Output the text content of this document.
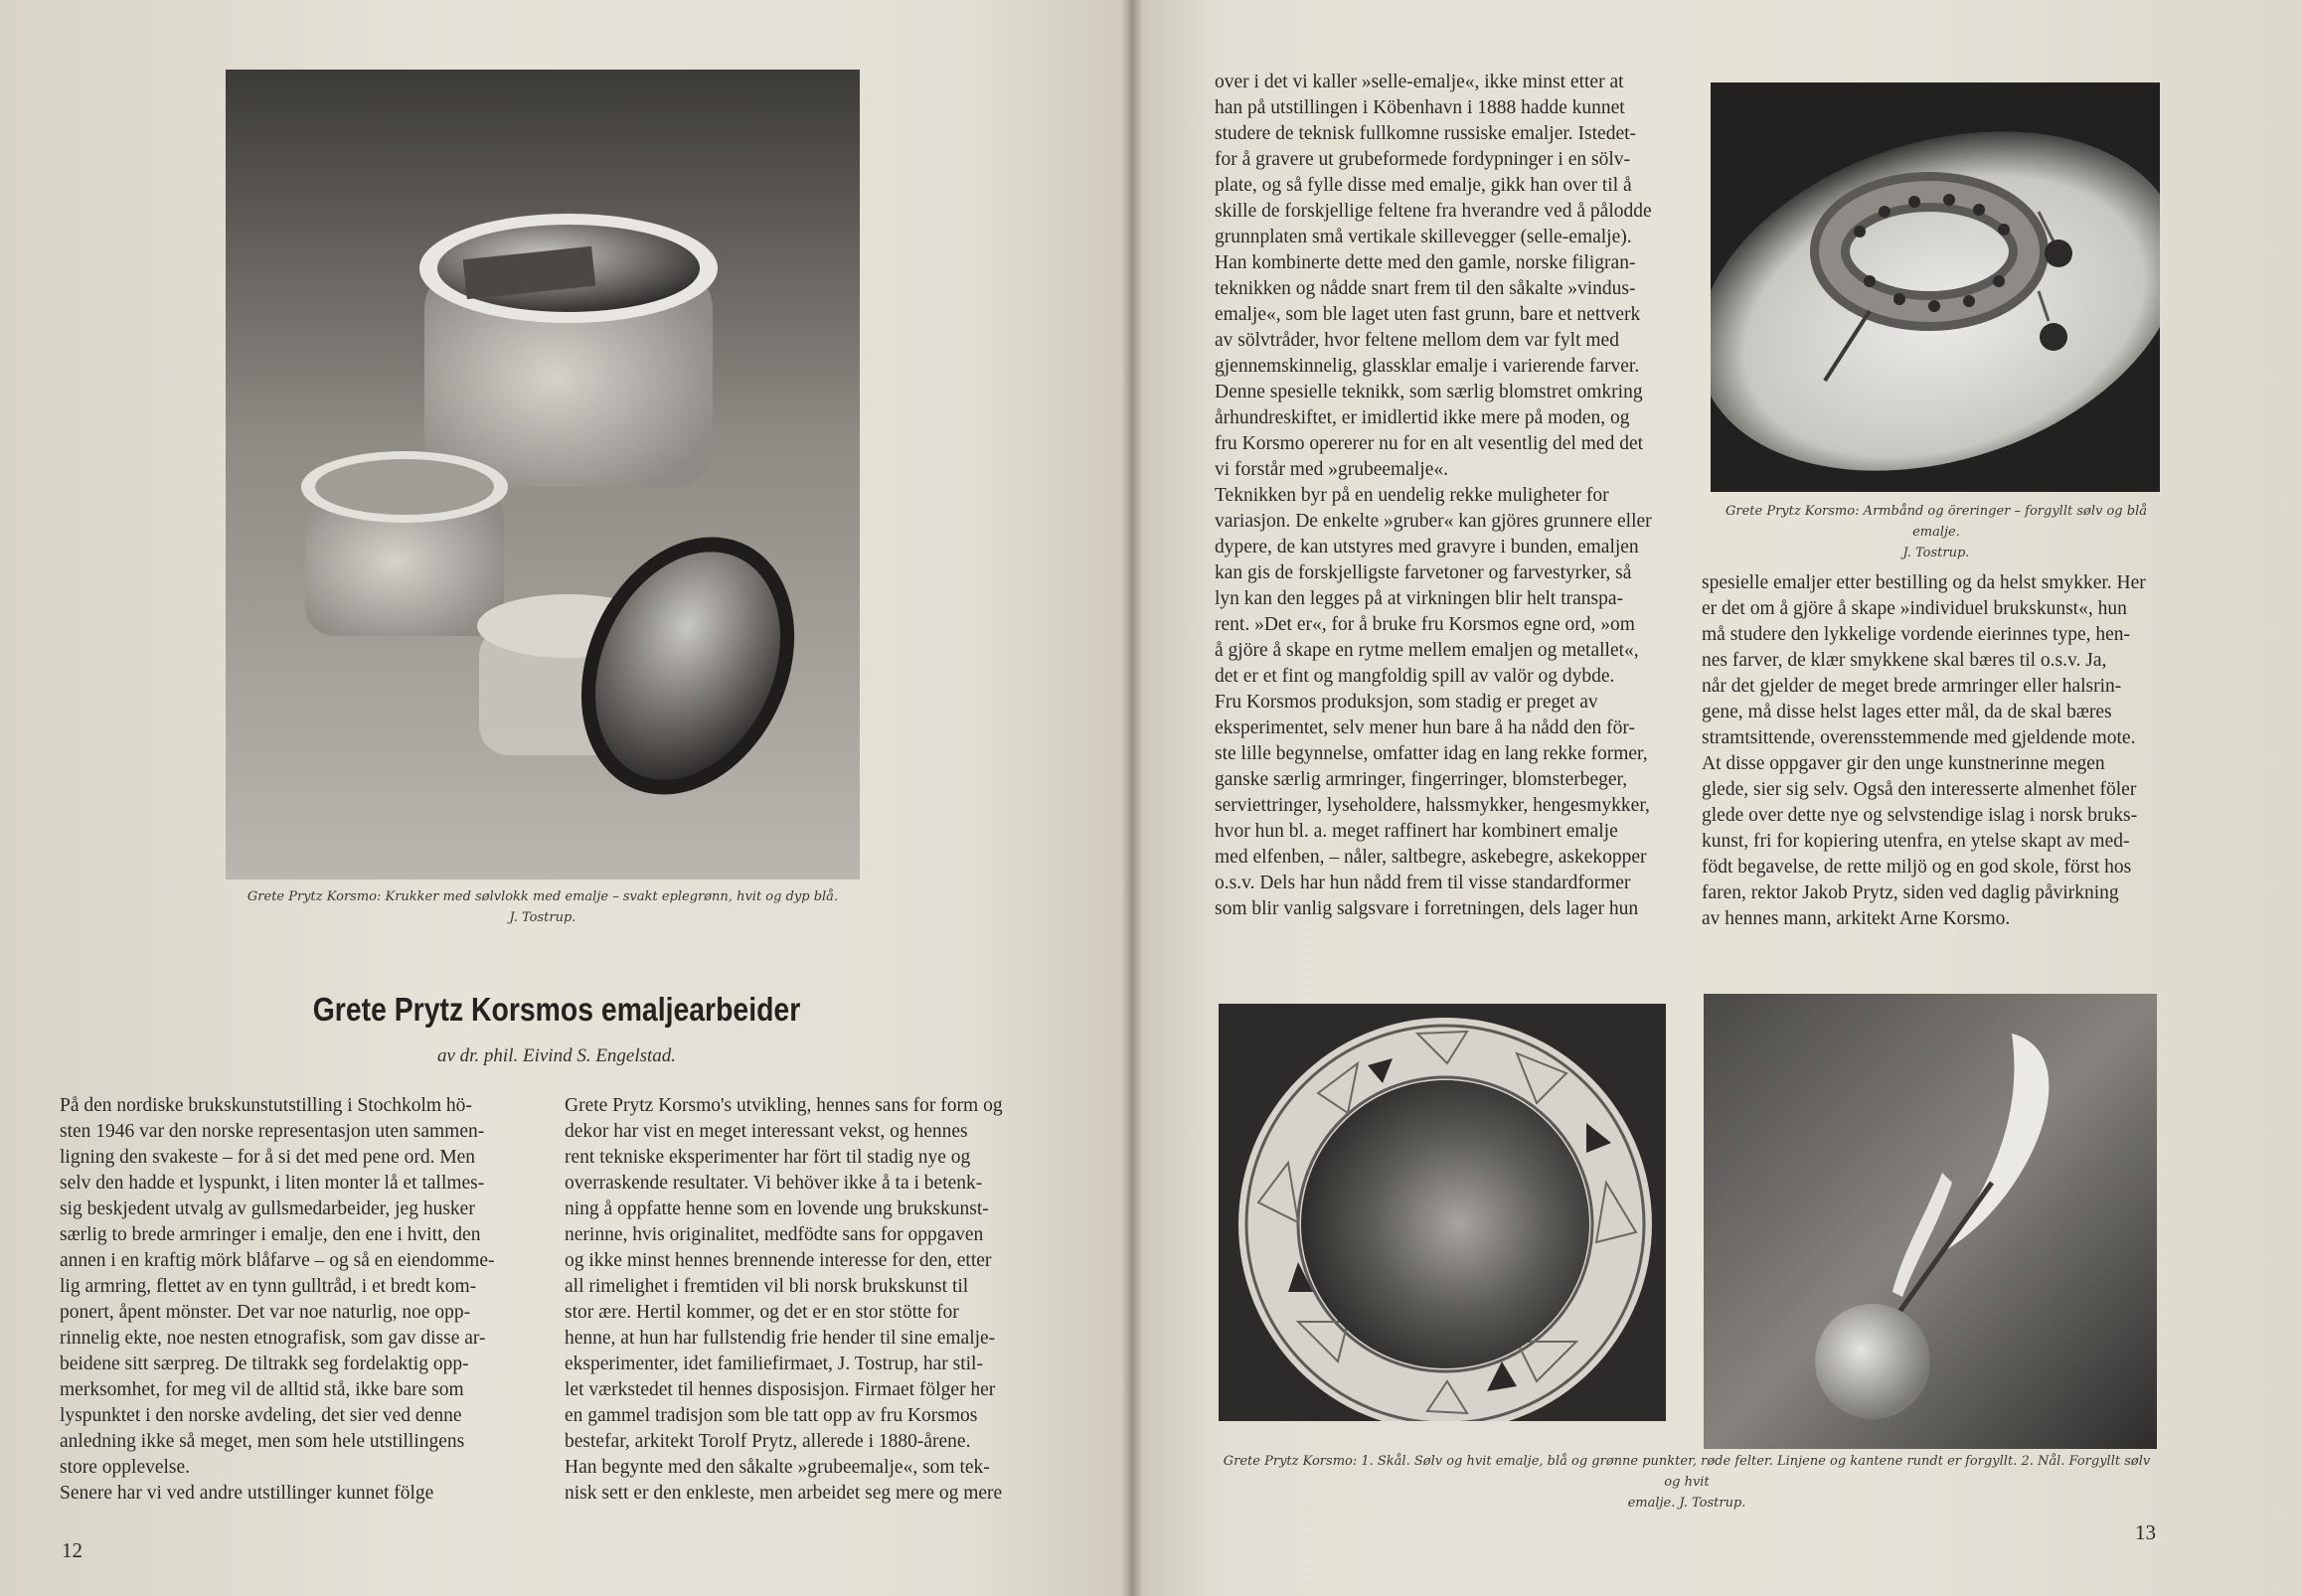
Grete Prytz Korsmo: Krukker med sølvlokk med emalje – svakt eplegrønn, hvit og dyp blå.
J. Tostrup.
Grete Prytz Korsmos emaljearbeider
av dr. phil. Eivind S. Engelstad.
På den nordiske brukskunstutstilling i Stochkolm hö-
sten 1946 var den norske representasjon uten sammen-
ligning den svakeste – for å si det med pene ord. Men
selv den hadde et lyspunkt, i liten monter lå et tallmes-
sig beskjedent utvalg av gullsmedarbeider, jeg husker
særlig to brede armringer i emalje, den ene i hvitt, den
annen i en kraftig mörk blåfarve – og så en eiendomme-
lig armring, flettet av en tynn gulltråd, i et bredt kom-
ponert, åpent mönster. Det var noe naturlig, noe opp-
rinnelig ekte, noe nesten etnografisk, som gav disse ar-
beidene sitt særpreg. De tiltrakk seg fordelaktig opp-
merksomhet, for meg vil de alltid stå, ikke bare som
lyspunktet i den norske avdeling, det sier ved denne
anledning ikke så meget, men som hele utstillingens
store opplevelse.
Senere har vi ved andre utstillinger kunnet fölge
Grete Prytz Korsmo's utvikling, hennes sans for form og
dekor har vist en meget interessant vekst, og hennes
rent tekniske eksperimenter har fört til stadig nye og
overraskende resultater. Vi behöver ikke å ta i betenk-
ning å oppfatte henne som en lovende ung brukskunst-
nerinne, hvis originalitet, medfödte sans for oppgaven
og ikke minst hennes brennende interesse for den, etter
all rimelighet i fremtiden vil bli norsk brukskunst til
stor ære. Hertil kommer, og det er en stor stötte for
henne, at hun har fullstendig frie hender til sine emalje-
eksperimenter, idet familiefirmaet, J. Tostrup, har stil-
let værkstedet til hennes disposisjon. Firmaet fölger her
en gammel tradisjon som ble tatt opp av fru Korsmos
bestefar, arkitekt Torolf Prytz, allerede i 1880-årene.
Han begynte med den såkalte »grubeemalje«, som tek-
nisk sett er den enkleste, men arbeidet seg mere og mere
12
over i det vi kaller »selle-emalje«, ikke minst etter at
han på utstillingen i Köbenhavn i 1888 hadde kunnet
studere de teknisk fullkomne russiske emaljer. Istedet-
for å gravere ut grubeformede fordypninger i en sölv-
plate, og så fylle disse med emalje, gikk han over til å
skille de forskjellige feltene fra hverandre ved å pålodde
grunnplaten små vertikale skillevegger (selle-emalje).
Han kombinerte dette med den gamle, norske filigran-
teknikken og nådde snart frem til den såkalte »vindus-
emalje«, som ble laget uten fast grunn, bare et nettverk
av sölvtråder, hvor feltene mellom dem var fylt med
gjennemskinnelig, glassklar emalje i varierende farver.
Denne spesielle teknikk, som særlig blomstret omkring
århundreskiftet, er imidlertid ikke mere på moden, og
fru Korsmo opererer nu for en alt vesentlig del med det
vi forstår med »grubeemalje«.
Teknikken byr på en uendelig rekke muligheter for
variasjon. De enkelte »gruber« kan gjöres grunnere eller
dypere, de kan utstyres med gravyre i bunden, emaljen
kan gis de forskjelligste farvetoner og farvestyrker, så
lyn kan den legges på at virkningen blir helt transpa-
rent. »Det er«, for å bruke fru Korsmos egne ord, »om
å gjöre å skape en rytme mellem emaljen og metallet«,
det er et fint og mangfoldig spill av valör og dybde.
Fru Korsmos produksjon, som stadig er preget av
eksperimentet, selv mener hun bare å ha nådd den för-
ste lille begynnelse, omfatter idag en lang rekke former,
ganske særlig armringer, fingerringer, blomsterbeger,
serviettringer, lyseholdere, halssmykker, hengesmykker,
hvor hun bl. a. meget raffinert har kombinert emalje
med elfenben, – nåler, saltbegre, askebegre, askekopper
o.s.v. Dels har hun nådd frem til visse standardformer
som blir vanlig salgsvare i forretningen, dels lager hun
Grete Prytz Korsmo: Armbånd og öreringer – forgyllt sølv og blå emalje.
J. Tostrup.
spesielle emaljer etter bestilling og da helst smykker. Her
er det om å gjöre å skape »individuel brukskunst«, hun
må studere den lykkelige vordende eierinnes type, hen-
nes farver, de klær smykkene skal bæres til o.s.v. Ja,
når det gjelder de meget brede armringer eller halsrin-
gene, må disse helst lages etter mål, da de skal bæres
stramtsittende, overensstemmende med gjeldende mote.
At disse oppgaver gir den unge kunstnerinne megen
glede, sier sig selv. Også den interesserte almenhet föler
glede over dette nye og selvstendige islag i norsk bruks-
kunst, fri for kopiering utenfra, en ytelse skapt av med-
födt begavelse, de rette miljö og en god skole, först hos
faren, rektor Jakob Prytz, siden ved daglig påvirkning
av hennes mann, arkitekt Arne Korsmo.
Grete Prytz Korsmo: 1. Skål. Sølv og hvit emalje, blå og grønne punkter, røde felter. Linjene og kantene rundt er forgyllt. 2. Nål. Forgyllt sølv og hvit
emalje. J. Tostrup.
13
